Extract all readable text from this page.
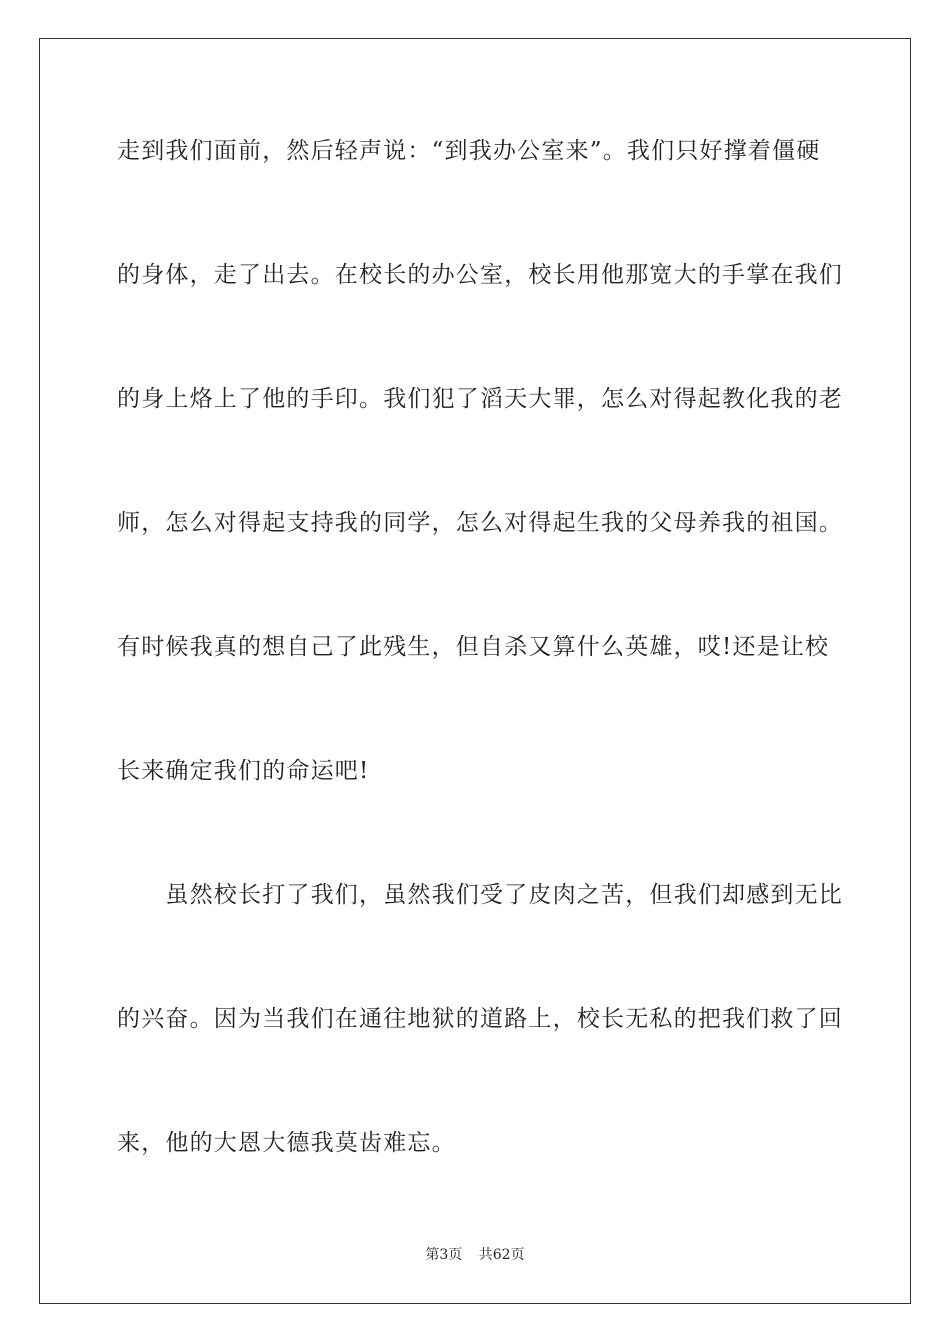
走到我们面前，然后轻声说：“到我办公室来”。我们只好撑着僵硬
的身体，走了出去。在校长的办公室，校长用他那宽大的手掌在我们
的身上烙上了他的手印。我们犯了滔天大罪，怎么对得起教化我的老
师，怎么对得起支持我的同学，怎么对得起生我的父母养我的祖国。
有时候我真的想自己了此残生，但自杀又算什么英雄，哎!还是让校
长来确定我们的命运吧!
　　虽然校长打了我们，虽然我们受了皮肉之苦，但我们却感到无比
的兴奋。因为当我们在通往地狱的道路上，校长无私的把我们救了回
来，他的大恩大德我莫齿难忘。
第3页 共62页
